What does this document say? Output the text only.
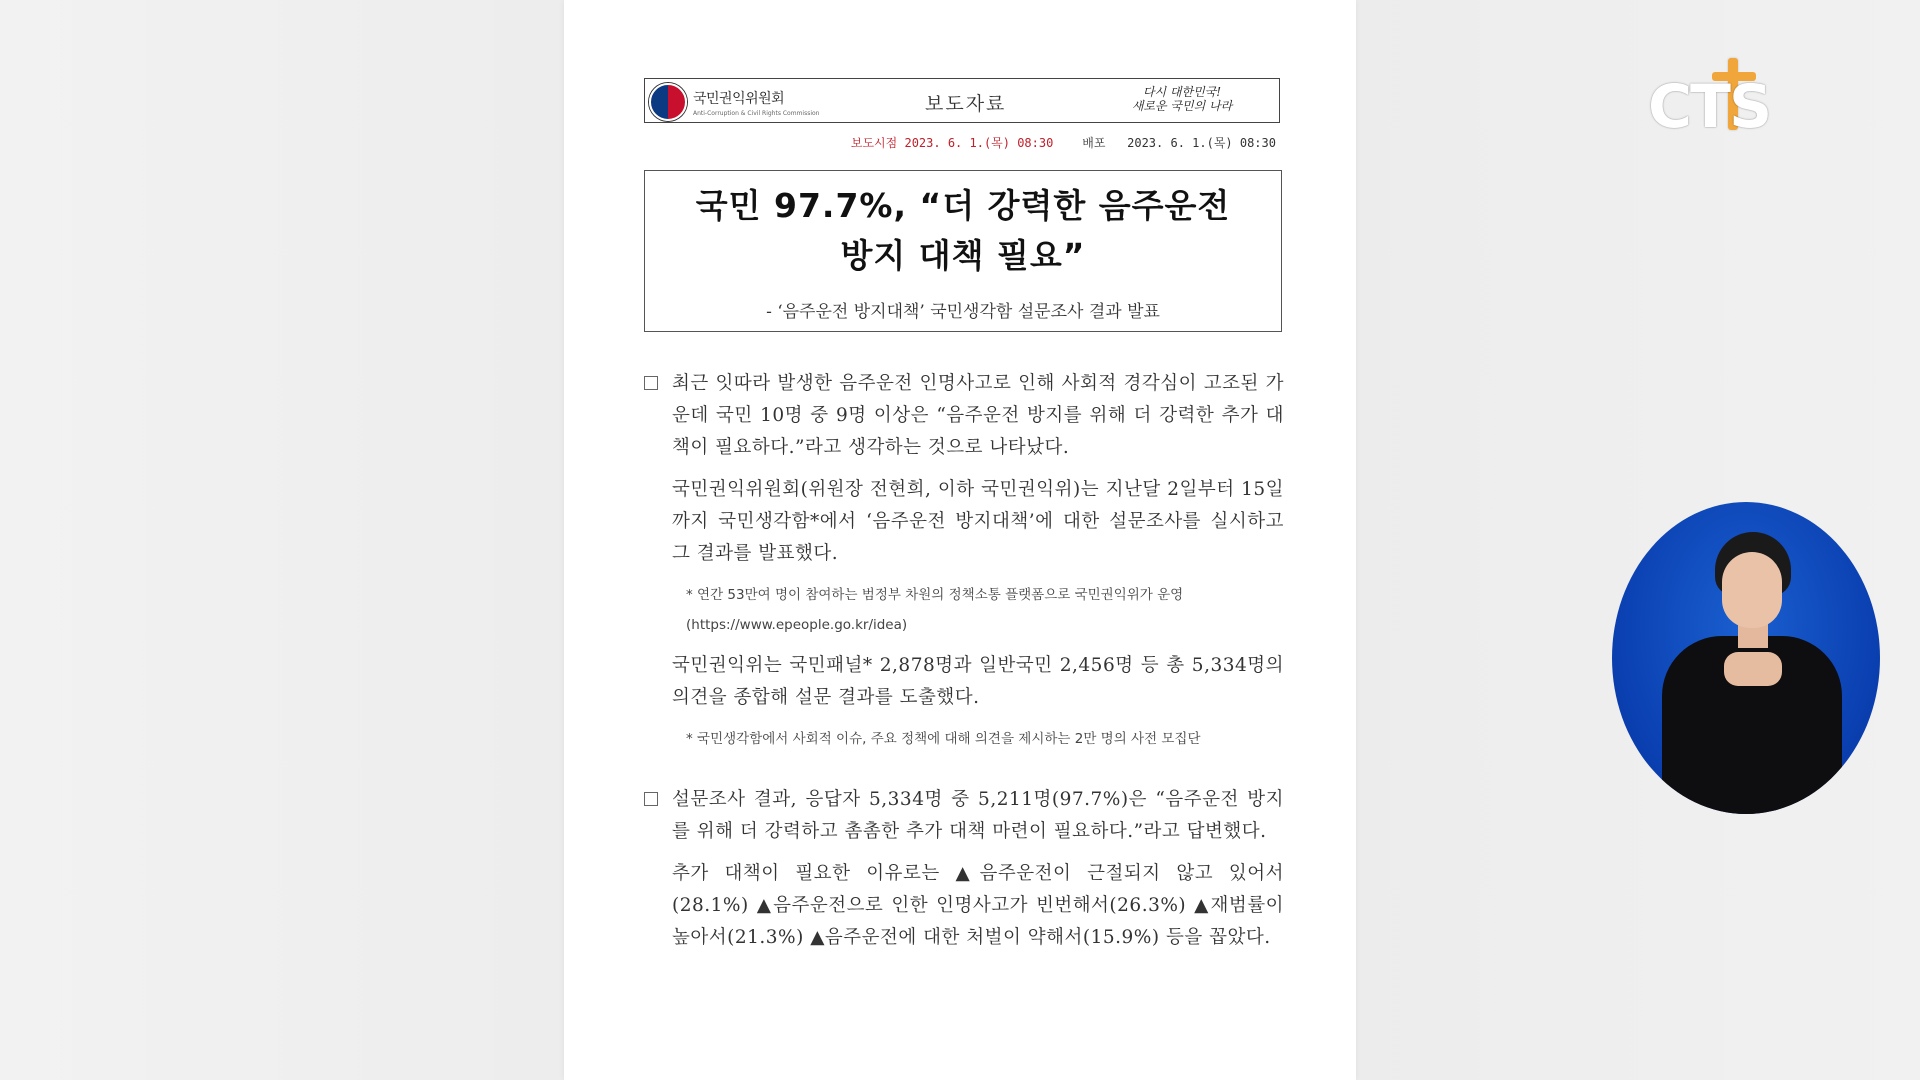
국민권익위원회
Anti-Corruption & Civil Rights Commission	보도자료
다시 대한민국!
새로운 국민의 나라
보도시점 2023. 6. 1.(목) 08:30 배포 2023. 6. 1.(목) 08:30
국민 97.7%, “더 강력한 음주운전
방지 대책 필요”
- ‘음주운전 방지대책’ 국민생각함 설문조사 결과 발표
최근 잇따라 발생한 음주운전 인명사고로 인해 사회적 경각심이 고조된 가운데 국민 10명 중 9명 이상은 “음주운전 방지를 위해 더 강력한 추가 대책이 필요하다.”라고 생각하는 것으로 나타났다.
국민권익위원회(위원장 전현희, 이하 국민권익위)는 지난달 2일부터 15일까지 국민생각함*에서 ‘음주운전 방지대책’에 대한 설문조사를 실시하고 그 결과를 발표했다.
* 연간 53만여 명이 참여하는 범정부 차원의 정책소통 플랫폼으로 국민권익위가 운영(https://www.epeople.go.kr/idea)
국민권익위는 국민패널* 2,878명과 일반국민 2,456명 등 총 5,334명의 의견을 종합해 설문 결과를 도출했다.
* 국민생각함에서 사회적 이슈, 주요 정책에 대해 의견을 제시하는 2만 명의 사전 모집단
설문조사 결과, 응답자 5,334명 중 5,211명(97.7%)은 “음주운전 방지를 위해 더 강력하고 촘촘한 추가 대책 마련이 필요하다.”라고 답변했다.
추가 대책이 필요한 이유로는 ▲음주운전이 근절되지 않고 있어서(28.1%) ▲음주운전으로 인한 인명사고가 빈번해서(26.3%) ▲재범률이 높아서(21.3%) ▲음주운전에 대한 처벌이 약해서(15.9%) 등을 꼽았다.
CTS
